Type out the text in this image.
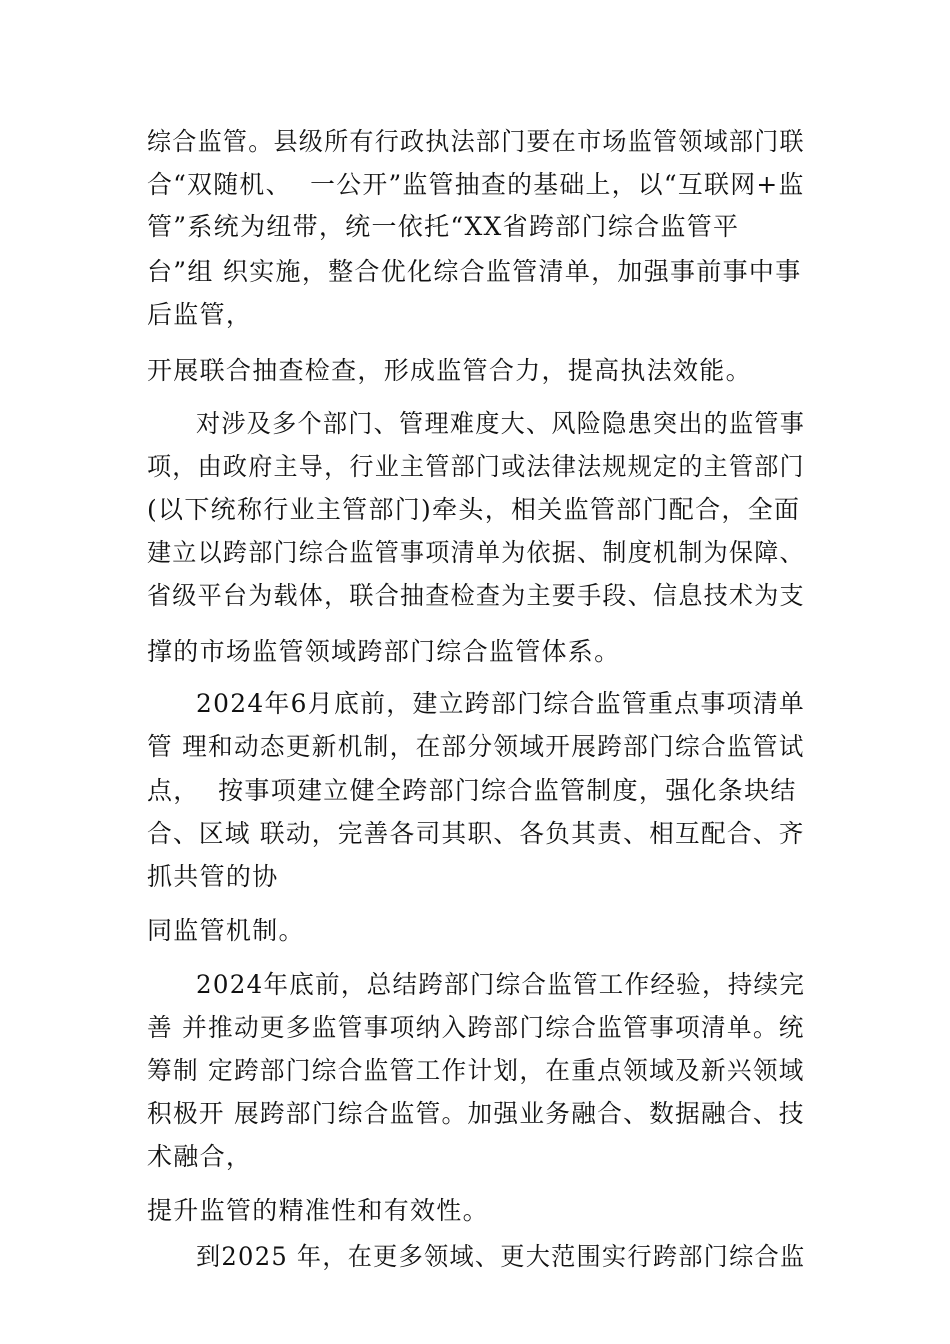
综合监管。县级所有行政执法部门要在市场监管领域部门联

合“双随机、  一公开”监管抽查的基础上，以“互联网+监

管”系统为纽带，统一依托“XX省跨部门综合监管平

台”组 织实施，整合优化综合监管清单，加强事前事中事

后监管，

开展联合抽查检查，形成监管合力，提高执法效能。

对涉及多个部门、管理难度大、风险隐患突出的监管事

项，由政府主导，行业主管部门或法律法规规定的主管部门

(以下统称行业主管部门)牵头，相关监管部门配合，全面

建立以跨部门综合监管事项清单为依据、制度机制为保障、

省级平台为载体，联合抽查检查为主要手段、信息技术为支

撑的市场监管领域跨部门综合监管体系。

2024年6月底前，建立跨部门综合监管重点事项清单

管 理和动态更新机制，在部分领域开展跨部门综合监管试

点，  按事项建立健全跨部门综合监管制度，强化条块结

合、区域 联动，完善各司其职、各负其责、相互配合、齐

抓共管的协

同监管机制。

2024年底前，总结跨部门综合监管工作经验，持续完

善 并推动更多监管事项纳入跨部门综合监管事项清单。统

筹制 定跨部门综合监管工作计划，在重点领域及新兴领域

积极开 展跨部门综合监管。加强业务融合、数据融合、技

术融合，

提升监管的精准性和有效性。

到2025 年，在更多领域、更大范围实行跨部门综合监
